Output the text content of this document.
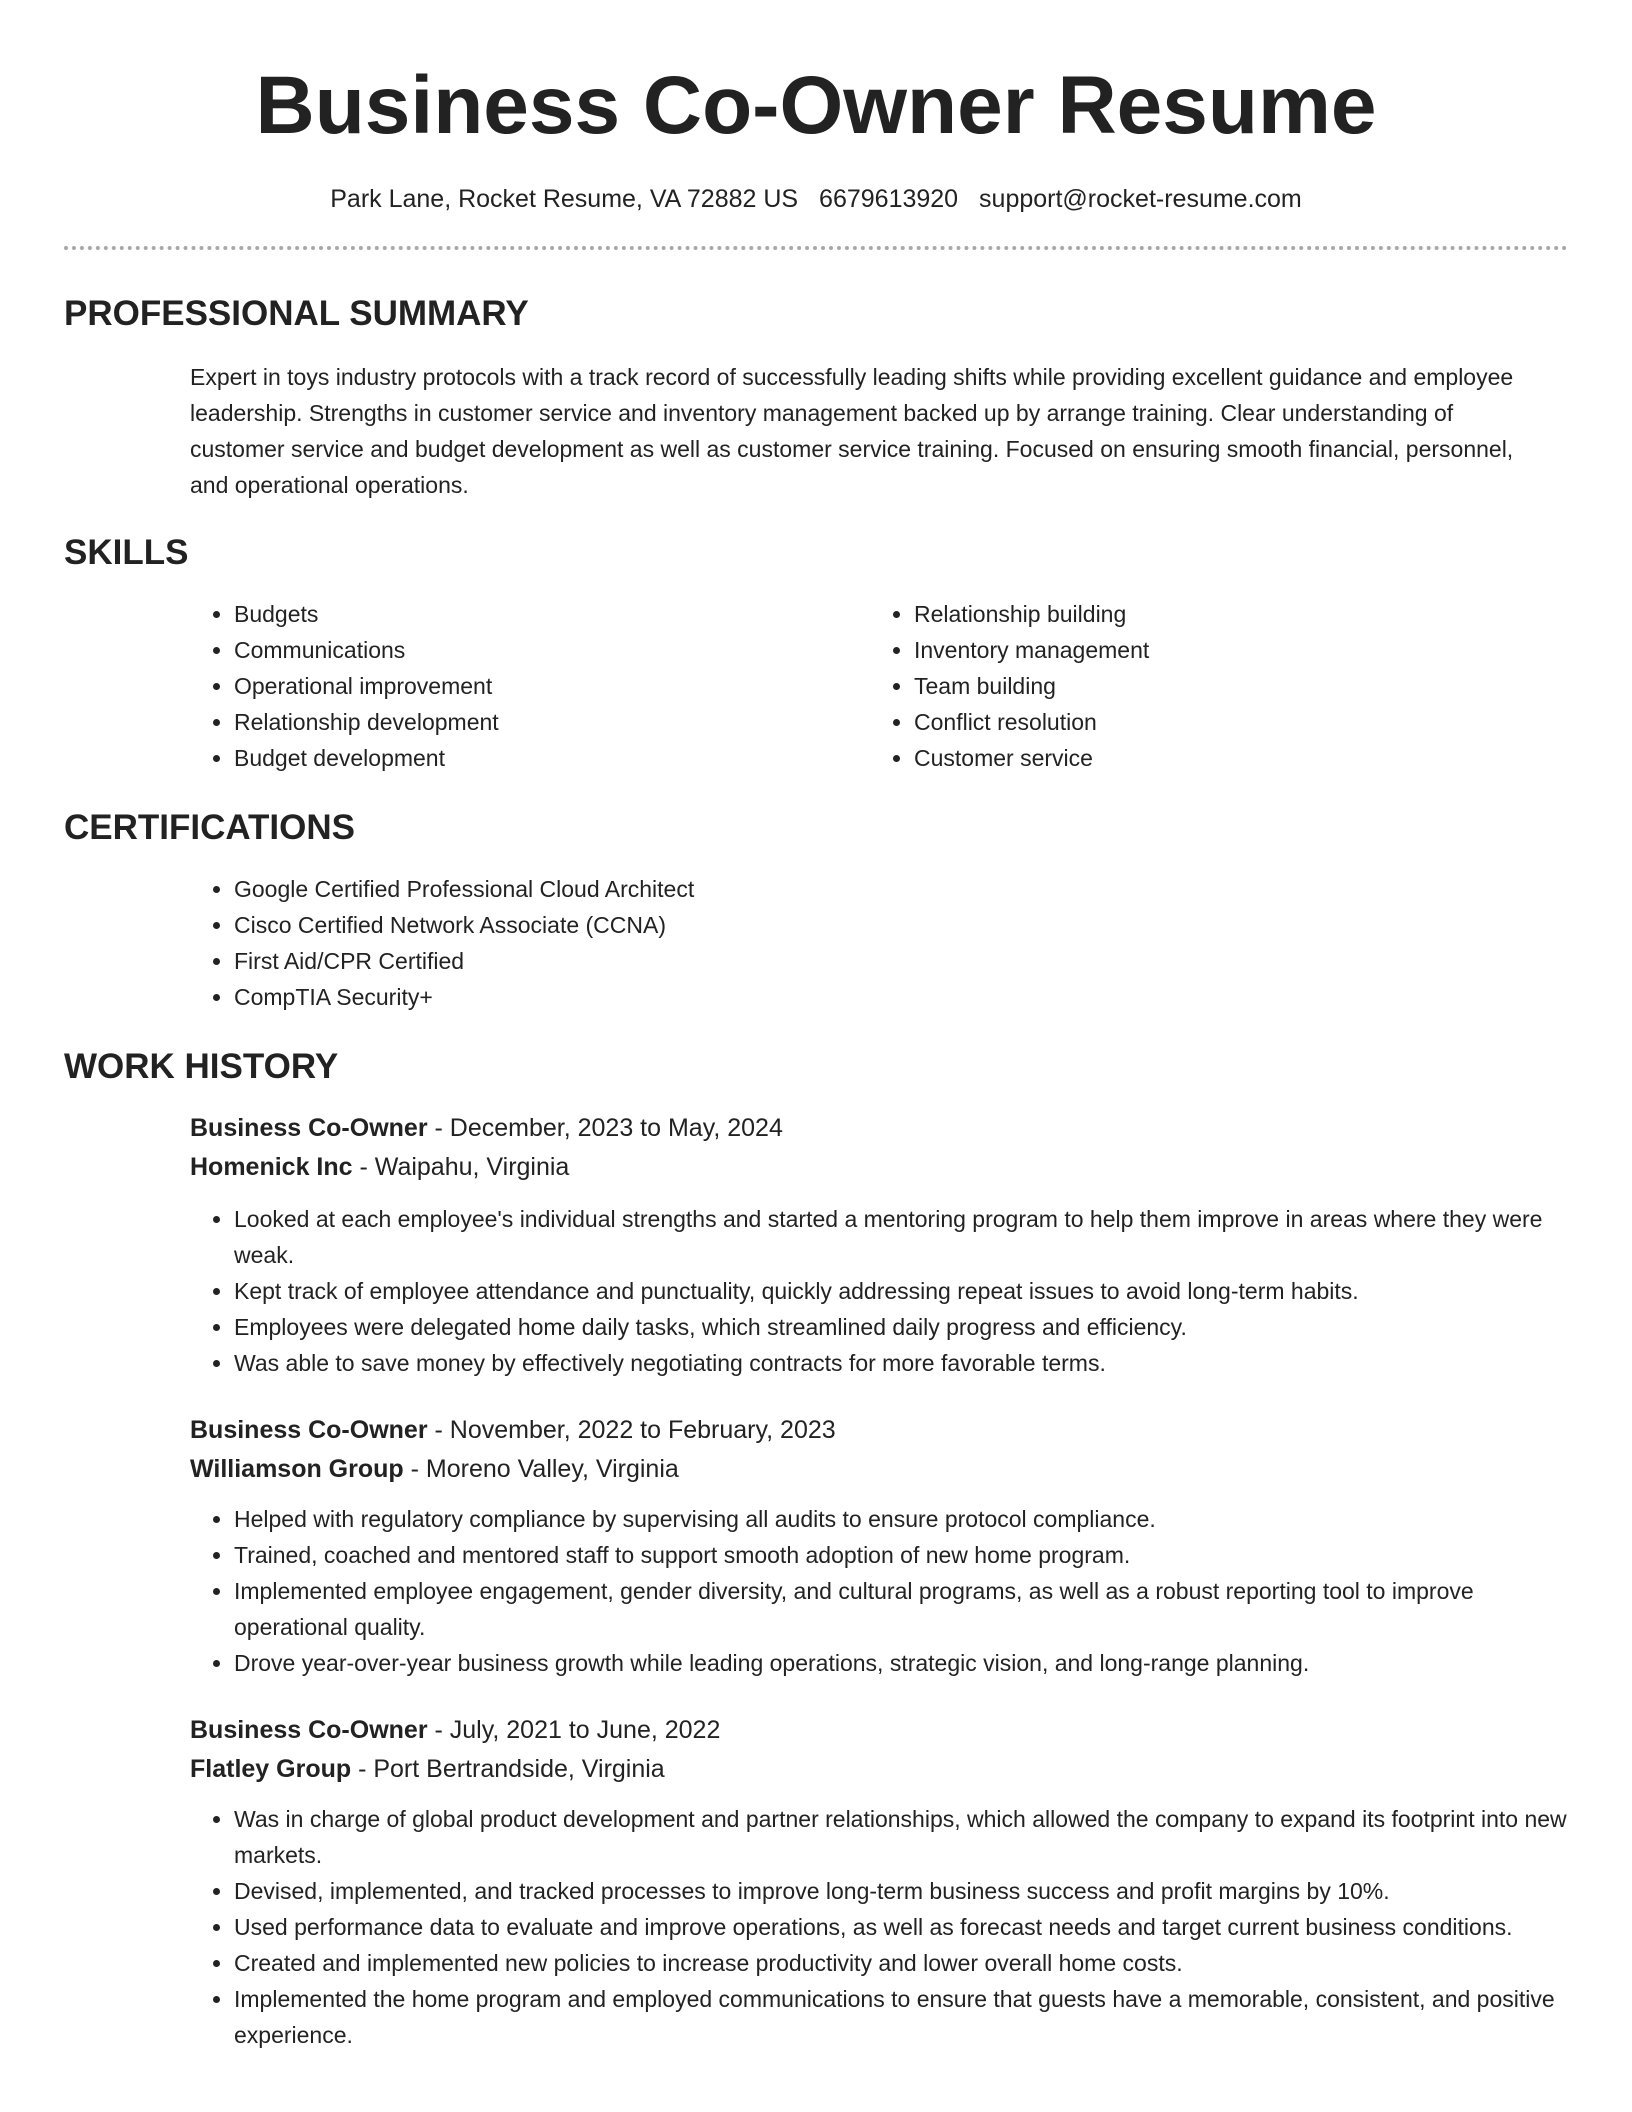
Business Co-Owner Resume
Park Lane, Rocket Resume, VA 72882 US 6679613920 support@rocket-resume.com
PROFESSIONAL SUMMARY

Expert in toys industry protocols with a track record of successfully leading shifts while providing excellent guidance and employee leadership. Strengths in customer service and inventory management backed up by arrange training. Clear understanding of customer service and budget development as well as customer service training. Focused on ensuring smooth financial, personnel, and operational operations.

SKILLS
• Budgets
• Communications
• Operational improvement
• Relationship development
• Budget development
• Relationship building
• Inventory management
• Team building
• Conflict resolution
• Customer service
CERTIFICATIONS
• Google Certified Professional Cloud Architect
• Cisco Certified Network Associate (CCNA)
• First Aid/CPR Certified
• CompTIA Security+
WORK HISTORY
Business Co-Owner - December, 2023 to May, 2024
Homenick Inc - Waipahu, Virginia
• Looked at each employee's individual strengths and started a mentoring program to help them improve in areas where they were weak.
• Kept track of employee attendance and punctuality, quickly addressing repeat issues to avoid long-term habits.
• Employees were delegated home daily tasks, which streamlined daily progress and efficiency.
• Was able to save money by effectively negotiating contracts for more favorable terms.
Business Co-Owner - November, 2022 to February, 2023
Williamson Group - Moreno Valley, Virginia
• Helped with regulatory compliance by supervising all audits to ensure protocol compliance.
• Trained, coached and mentored staff to support smooth adoption of new home program.
• Implemented employee engagement, gender diversity, and cultural programs, as well as a robust reporting tool to improve operational quality.
• Drove year-over-year business growth while leading operations, strategic vision, and long-range planning.
Business Co-Owner - July, 2021 to June, 2022
Flatley Group - Port Bertrandside, Virginia
• Was in charge of global product development and partner relationships, which allowed the company to expand its footprint into new markets.
• Devised, implemented, and tracked processes to improve long-term business success and profit margins by 10%.
• Used performance data to evaluate and improve operations, as well as forecast needs and target current business conditions.
• Created and implemented new policies to increase productivity and lower overall home costs.
• Implemented the home program and employed communications to ensure that guests have a memorable, consistent, and positive experience.
